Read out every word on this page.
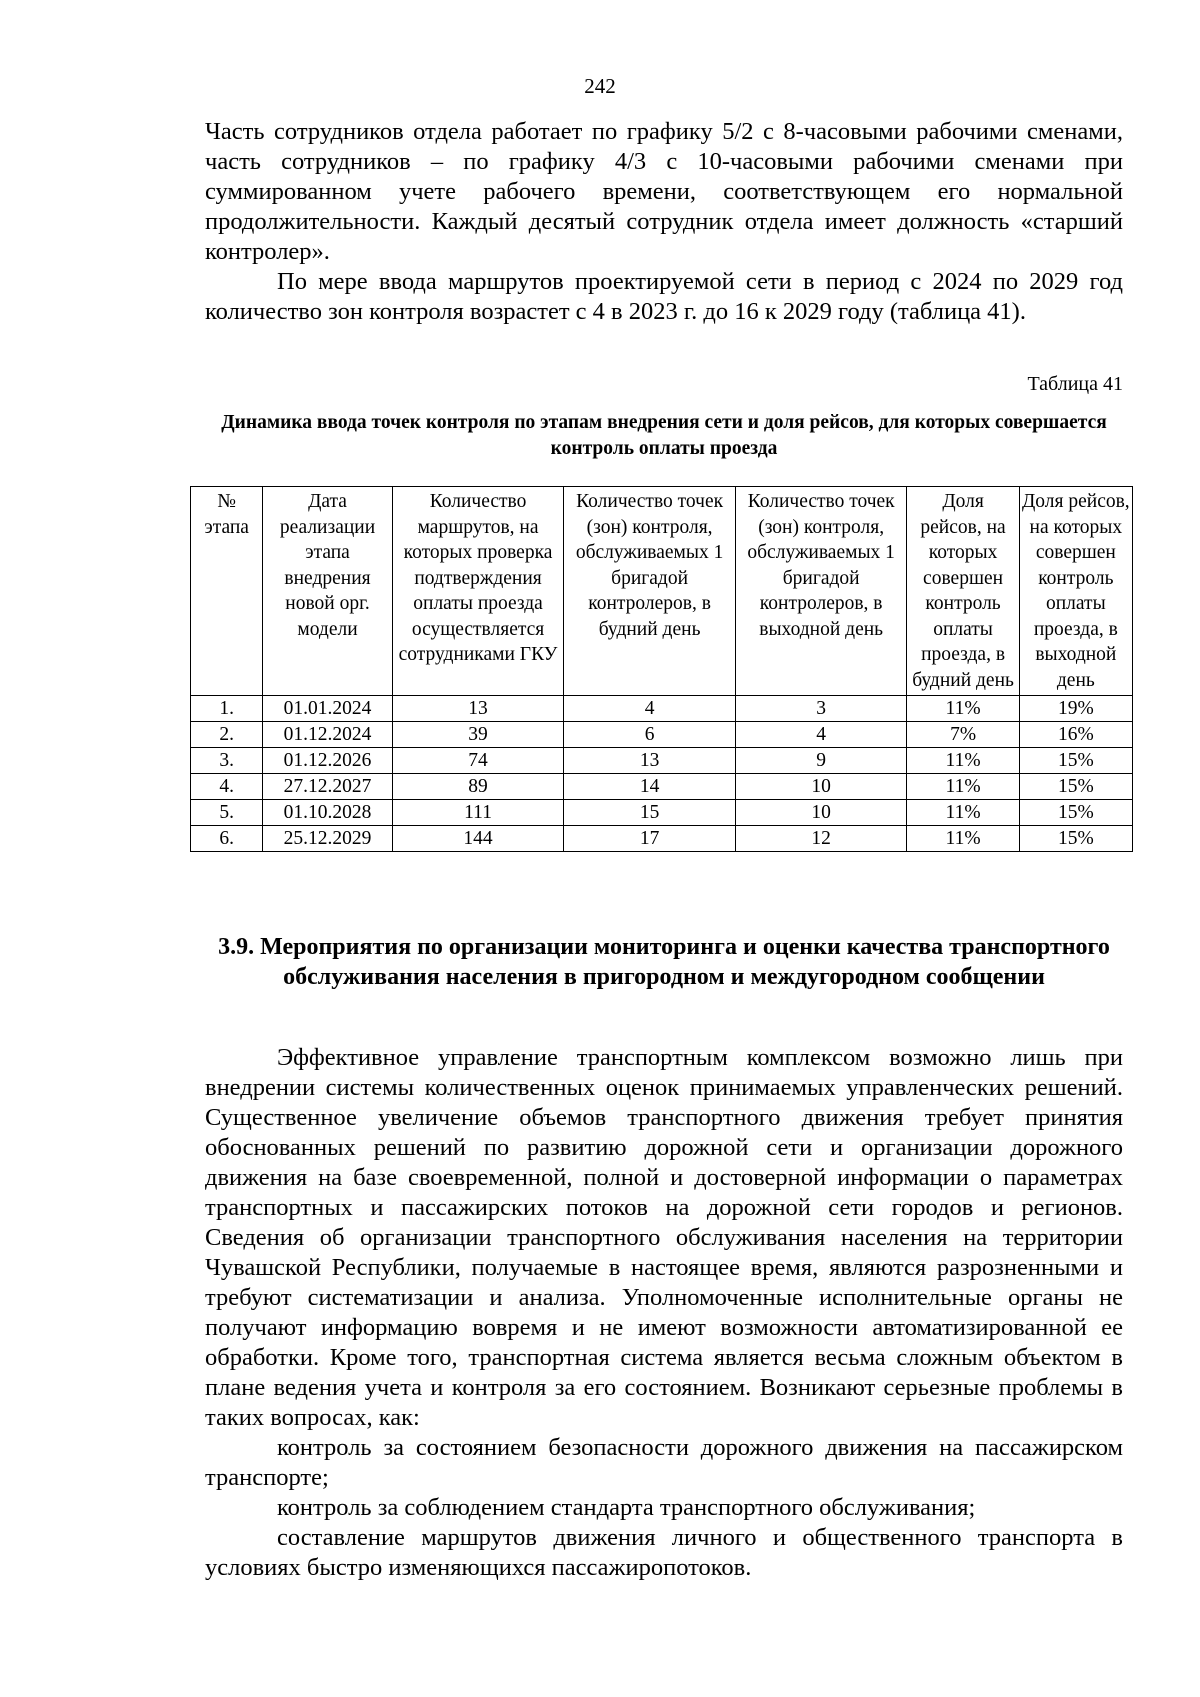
242

Часть сотрудников отдела работает по графику 5/2 с 8-часовыми рабочими сменами, часть сотрудников – по графику 4/3 с 10-часовыми рабочими сменами при суммированном учете рабочего времени, соответствующем его нормальной продолжительности. Каждый десятый сотрудник отдела имеет должность «старший контролер».

По мере ввода маршрутов проектируемой сети в период с 2024 по 2029 год количество зон контроля возрастет с 4 в 2023 г. до 16 к 2029 году (таблица 41).

Таблица 41
Динамика ввода точек контроля по этапам внедрения сети и доля рейсов, для которых совершается контроль оплаты проезда
№ этапа	Дата реализации этапа внедрения новой орг. модели	Количество маршрутов, на которых проверка подтверждения оплаты проезда осуществляется сотрудниками ГКУ	Количество точек (зон) контроля, обслуживаемых 1 бригадой контролеров, в будний день	Количество точек (зон) контроля, обслуживаемых 1 бригадой контролеров, в выходной день	Доля рейсов, на которых совершен контроль оплаты проезда, в будний день	Доля рейсов, на которых совершен контроль оплаты проезда, в выходной день
1.	01.01.2024	13	4	3	11%	19%
2.	01.12.2024	39	6	4	7%	16%
3.	01.12.2026	74	13	9	11%	15%
4.	27.12.2027	89	14	10	11%	15%
5.	01.10.2028	111	15	10	11%	15%
6.	25.12.2029	144	17	12	11%	15%
3.9. Мероприятия по организации мониторинга и оценки качества транспортного обслуживания населения в пригородном и междугородном сообщении

Эффективное управление транспортным комплексом возможно лишь при внедрении системы количественных оценок принимаемых управленческих решений. Существенное увеличение объемов транспортного движения требует принятия обоснованных решений по развитию дорожной сети и организации дорожного движения на базе своевременной, полной и достоверной информации о параметрах транспортных и пассажирских потоков на дорожной сети городов и регионов. Сведения об организации транспортного обслуживания населения на территории Чувашской Республики, получаемые в настоящее время, являются разрозненными и требуют систематизации и анализа. Уполномоченные исполнительные органы не получают информацию вовремя и не имеют возможности автоматизированной ее обработки. Кроме того, транспортная система является весьма сложным объектом в плане ведения учета и контроля за его состоянием. Возникают серьезные проблемы в таких вопросах, как:

контроль за состоянием безопасности дорожного движения на пассажирском транспорте;

контроль за соблюдением стандарта транспортного обслуживания;

составление маршрутов движения личного и общественного транспорта в условиях быстро изменяющихся пассажиропотоков.
